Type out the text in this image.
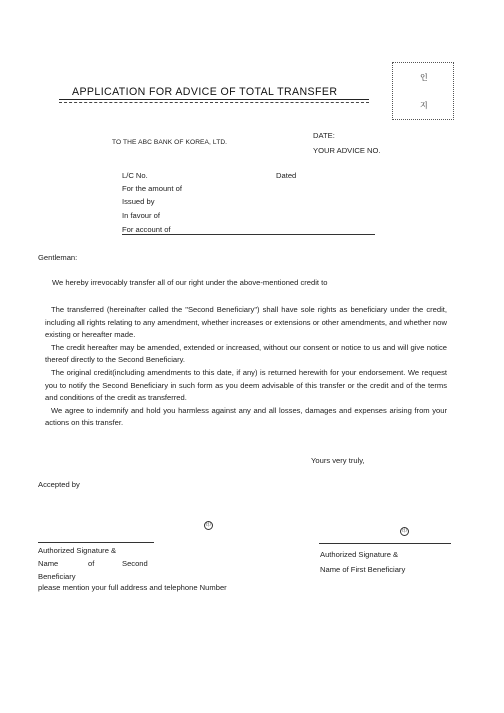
인
지
APPLICATION FOR ADVICE OF TOTAL TRANSFER
TO THE ABC BANK OF KOREA, LTD.
DATE:
YOUR ADVICE NO.
L/C No.	Dated
For the amount of
Issued by
In favour of
For account of
Gentleman:
We hereby irrevocably transfer all of our right under the above-mentioned credit to

The transferred (hereinafter called the "Second Beneficiary") shall have sole rights as beneficiary under the credit, including all rights relating to any amendment, whether increases or extensions or other amendments, and whether now existing or hereafter made.

The credit hereafter may be amended, extended or increased, without our consent or notice to us and will give notice thereof directly to the Second Beneficiary.

The original credit(including amendments to this date, if any) is returned herewith for your endorsement. We request you to notify the Second Beneficiary in such form as you deem advisable of this transfer or the credit and of the terms and conditions of the credit as transferred.

We agree to indemnify and hold you harmless against any and all losses, damages and expenses arising from your actions on this transfer.

Yours very truly,
Accepted by
印
Authorized Signature &
Name	of	Second
Beneficiary
please mention your full address and telephone Number
印
Authorized Signature &
Name of First Beneficiary
